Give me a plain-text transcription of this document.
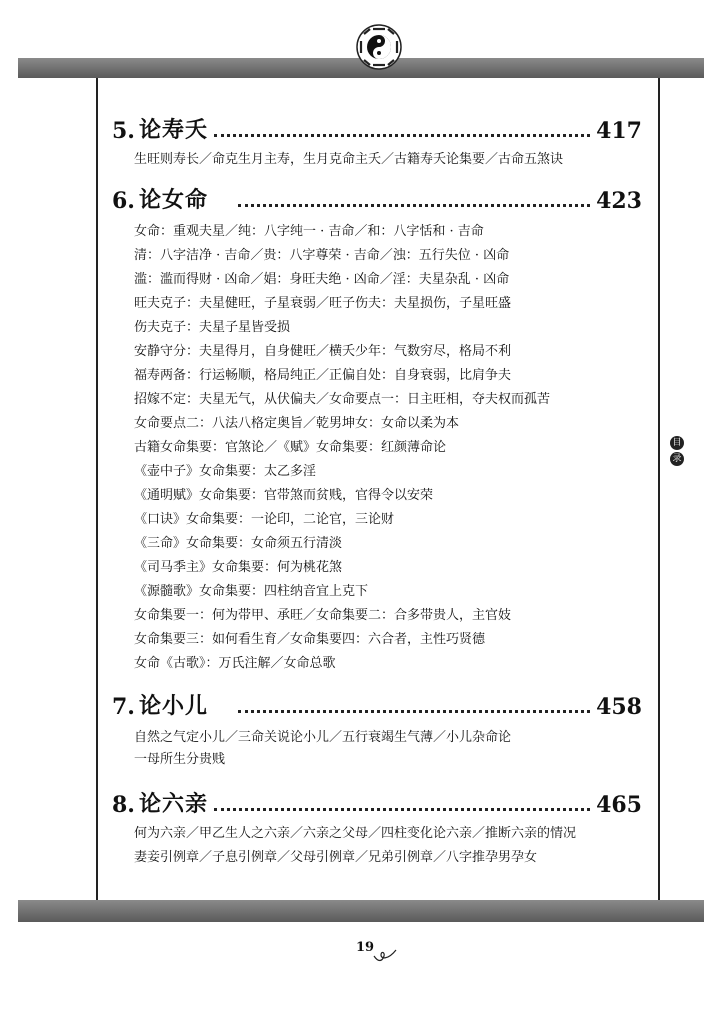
5. 论寿夭	417
生旺则寿长／命克生月主寿，生月克命主夭／古籍寿夭论集要／古命五煞诀
6. 论女命	423
女命：重观夫星／纯：八字纯一 · 吉命／和：八字恬和 · 吉命
清：八字洁净 · 吉命／贵：八字尊荣 · 吉命／浊：五行失位 · 凶命
滥：滥而得财 · 凶命／娼：身旺夫绝 · 凶命／淫：夫星杂乱 · 凶命
旺夫克子：夫星健旺，子星衰弱／旺子伤夫：夫星损伤，子星旺盛
伤夫克子：夫星子星皆受损
安静守分：夫星得月，自身健旺／横夭少年：气数穷尽，格局不利
福寿两备：行运畅顺，格局纯正／正偏自处：自身衰弱，比肩争夫
招嫁不定：夫星无气，从伏偏夫／女命要点一：日主旺相，夺夫权而孤苦
女命要点二：八法八格定奥旨／乾男坤女：女命以柔为本
古籍女命集要：官煞论／《赋》女命集要：红颜薄命论
《壶中子》女命集要：太乙多淫
《通明赋》女命集要：官带煞而贫贱，官得令以安荣
《口诀》女命集要：一论印，二论官，三论财
《三命》女命集要：女命须五行清淡
《司马季主》女命集要：何为桃花煞
《源髓歌》女命集要：四柱纳音宜上克下
女命集要一：何为带甲、承旺／女命集要二：合多带贵人，主官妓
女命集要三：如何看生育／女命集要四：六合者，主性巧贤德
女命《古歌》：万氏注解／女命总歌
7. 论小儿	458
自然之气定小儿／三命关说论小儿／五行衰竭生气薄／小儿杂命论
一母所生分贵贱
8. 论六亲	465
何为六亲／甲乙生人之六亲／六亲之父母／四柱变化论六亲／推断六亲的情况
妻妾引例章／子息引例章／父母引例章／兄弟引例章／八字推孕男孕女
目
录
19
